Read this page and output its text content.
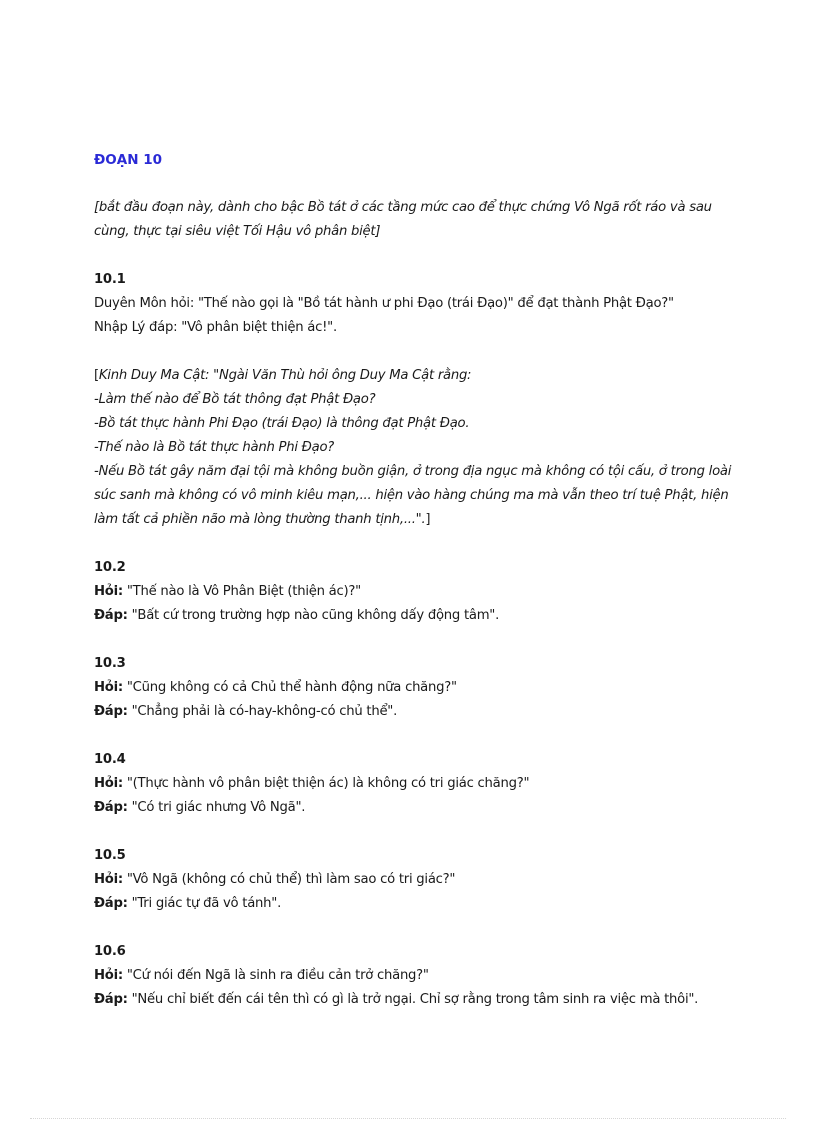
ĐOẠN 10
[bắt đầu đoạn này, dành cho bậc Bồ tát ở các tầng mức cao để thực chứng Vô Ngã rốt ráo và sau cùng, thực tại siêu việt Tối Hậu vô phân biệt]
10.1
Duyên Môn hỏi: "Thế nào gọi là "Bồ tát hành ư phi Đạo (trái Đạo)" để đạt thành Phật Đạo?"
Nhập Lý đáp: "Vô phân biệt thiện ác!".
[Kinh Duy Ma Cật: "Ngài Văn Thù hỏi ông Duy Ma Cật rằng:
-Làm thế nào để Bồ tát thông đạt Phật Đạo?
-Bồ tát thực hành Phi Đạo (trái Đạo) là thông đạt Phật Đạo.
-Thế nào là Bồ tát thực hành Phi Đạo?
-Nếu Bồ tát gây năm đại tội mà không buồn giận, ở trong địa ngục mà không có tội cấu, ở trong loài súc sanh mà không có vô minh kiêu mạn,... hiện vào hàng chúng ma mà vẫn theo trí tuệ Phật, hiện làm tất cả phiền não mà lòng thường thanh tịnh,...".]
10.2
Hỏi: "Thế nào là Vô Phân Biệt (thiện ác)?"
Đáp: "Bất cứ trong trường hợp nào cũng không dấy động tâm".
10.3
Hỏi: "Cũng không có cả Chủ thể hành động nữa chăng?"
Đáp: "Chẳng phải là có-hay-không-có chủ thể".
10.4
Hỏi: "(Thực hành vô phân biệt thiện ác) là không có tri giác chăng?"
Đáp: "Có tri giác nhưng Vô Ngã".
10.5
Hỏi: "Vô Ngã (không có chủ thể) thì làm sao có tri giác?"
Đáp: "Tri giác tự đã vô tánh".
10.6
Hỏi: "Cứ nói đến Ngã là sinh ra điều cản trở chăng?"
Đáp: "Nếu chỉ biết đến cái tên thì có gì là trở ngại. Chỉ sợ rằng trong tâm sinh ra việc mà thôi".
